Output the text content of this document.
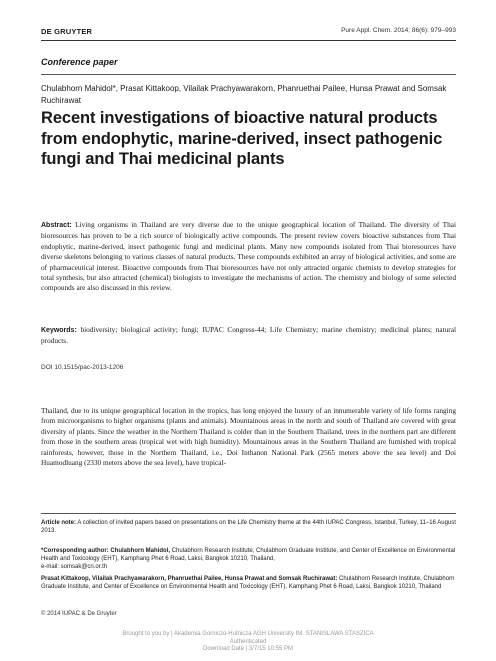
DE GRUYTER	Pure Appl. Chem. 2014; 86(6): 979–993
Conference paper
Chulabhorn Mahidol*, Prasat Kittakoop, Vilailak Prachyawarakorn, Phanruethai Pailee, Hunsa Prawat and Somsak Ruchirawat
Recent investigations of bioactive natural products from endophytic, marine-derived, insect pathogenic fungi and Thai medicinal plants
Abstract: Living organisms in Thailand are very diverse due to the unique geographical location of Thailand. The diversity of Thai bioresources has proven to be a rich source of biologically active compounds. The present review covers bioactive substances from Thai endophytic, marine-derived, insect pathogenic fungi and medicinal plants. Many new compounds isolated from Thai bioresources have diverse skeletons belonging to various classes of natural products. These compounds exhibited an array of biological activities, and some are of pharmaceutical interest. Bioactive compounds from Thai bioresources have not only attracted organic chemists to develop strategies for total synthesis, but also attracted (chemical) biologists to investigate the mechanisms of action. The chemistry and biology of some selected compounds are also discussed in this review.
Keywords: biodiversity; biological activity; fungi; IUPAC Congress-44; Life Chemistry; marine chemistry; medicinal plants; natural products.
DOI 10.1515/pac-2013-1206
Thailand, due to its unique geographical location in the tropics, has long enjoyed the luxury of an innumerable variety of life forms ranging from microorganisms to higher organisms (plants and animals). Mountainous areas in the north and south of Thailand are covered with great diversity of plants. Since the weather in the Northern Thailand is colder than in the Southern Thailand, trees in the northern part are different from those in the southern areas (tropical wet with high humidity). Mountainous areas in the Southern Thailand are furnished with tropical rainforests, however, those in the Northern Thailand, i.e., Doi Inthanon National Park (2565 meters above the sea level) and Doi Huamodluang (2330 meters above the sea level), have tropical-
Article note: A collection of invited papers based on presentations on the Life Chemistry theme at the 44th IUPAC Congress, Istanbul, Turkey, 11–16 August 2013.
*Corresponding author: Chulabhorn Mahidol, Chulabhorn Research Institute, Chulabhorn Graduate Institute, and Center of Excellence on Environmental Health and Toxicology (EHT), Kamphang Phet 6 Road, Laksi, Bangkok 10210, Thailand,
e-mail: somsak@cri.or.th
Prasat Kittakoop, Vilailak Prachyawarakorn, Phanruethai Pailee, Hunsa Prawat and Somsak Ruchirawat: Chulabhorn Research Institute, Chulabhorn Graduate Institute, and Center of Excellence on Environmental Health and Toxicology (EHT), Kamphang Phet 6 Road, Laksi, Bangkok 10210, Thailand
© 2014 IUPAC & De Gruyter
Brought to you by | Akademia Gorniczo-Hutnicza AGH University IM. STANISLAWA STASZICA
Authenticated
Download Date | 3/7/15 10:55 PM
